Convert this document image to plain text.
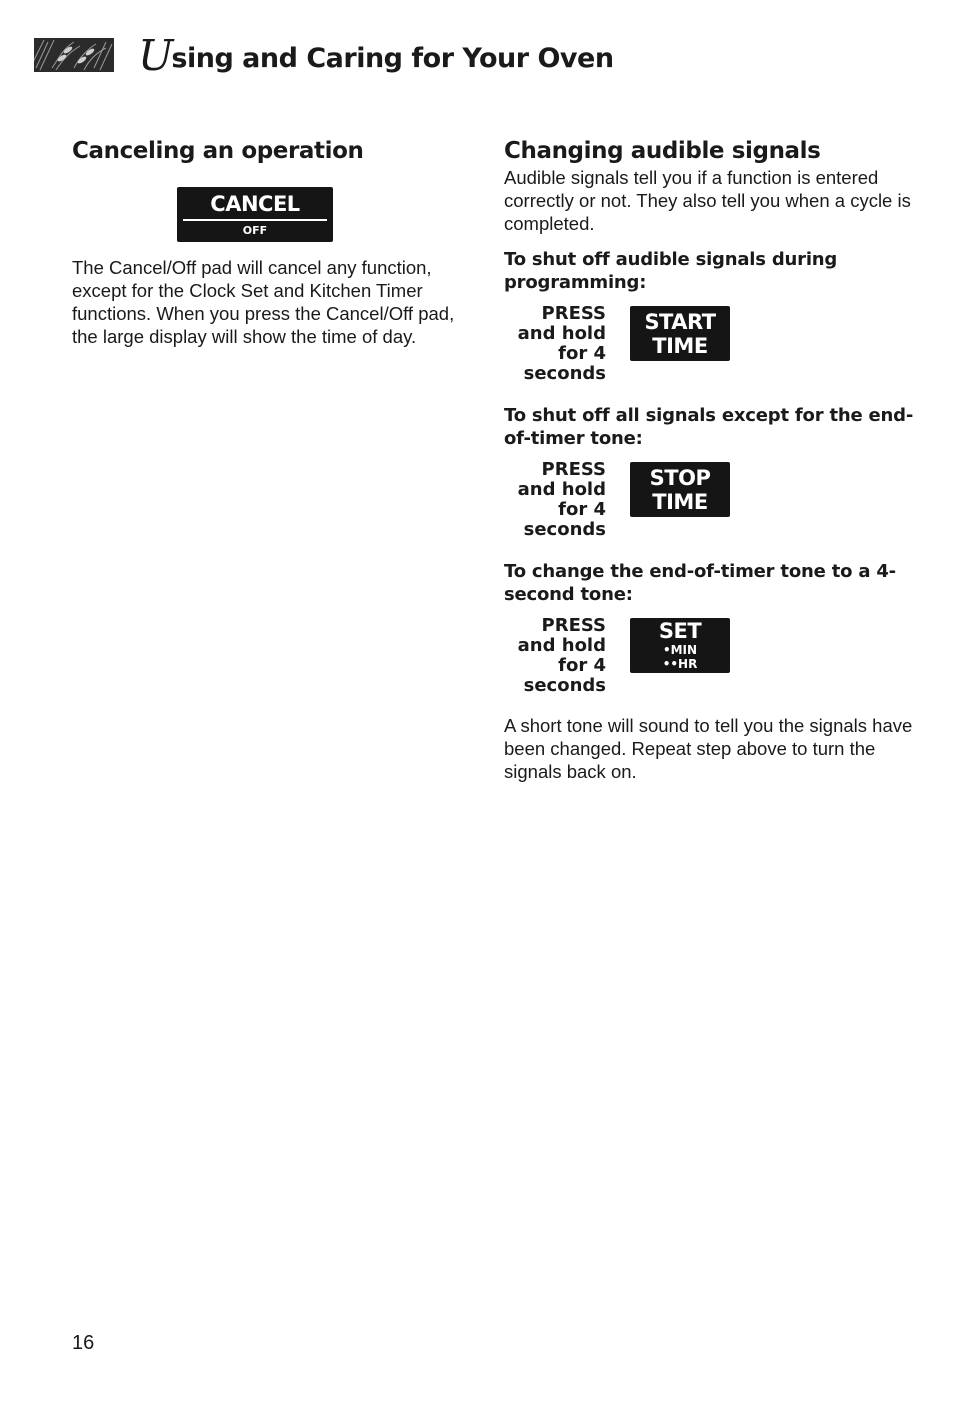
Using and Caring for Your Oven
Canceling an operation
CANCEL
OFF

The Cancel/Off pad will cancel any function, except for the Clock Set and Kitchen Timer functions. When you press the Cancel/Off pad, the large display will show the time of day.

Changing audible signals

Audible signals tell you if a function is entered correctly or not. They also tell you when a cycle is completed.

To shut off audible signals during programming:

PRESS
and hold
for 4
seconds
START
TIME

To shut off all signals except for the end-of-timer tone:

PRESS
and hold
for 4
seconds
STOP
TIME

To change the end-of-timer tone to a 4-second tone:

PRESS
and hold
for 4
seconds
SET
•MIN
••HR

A short tone will sound to tell you the signals have been changed. Repeat step above to turn the signals back on.

16
